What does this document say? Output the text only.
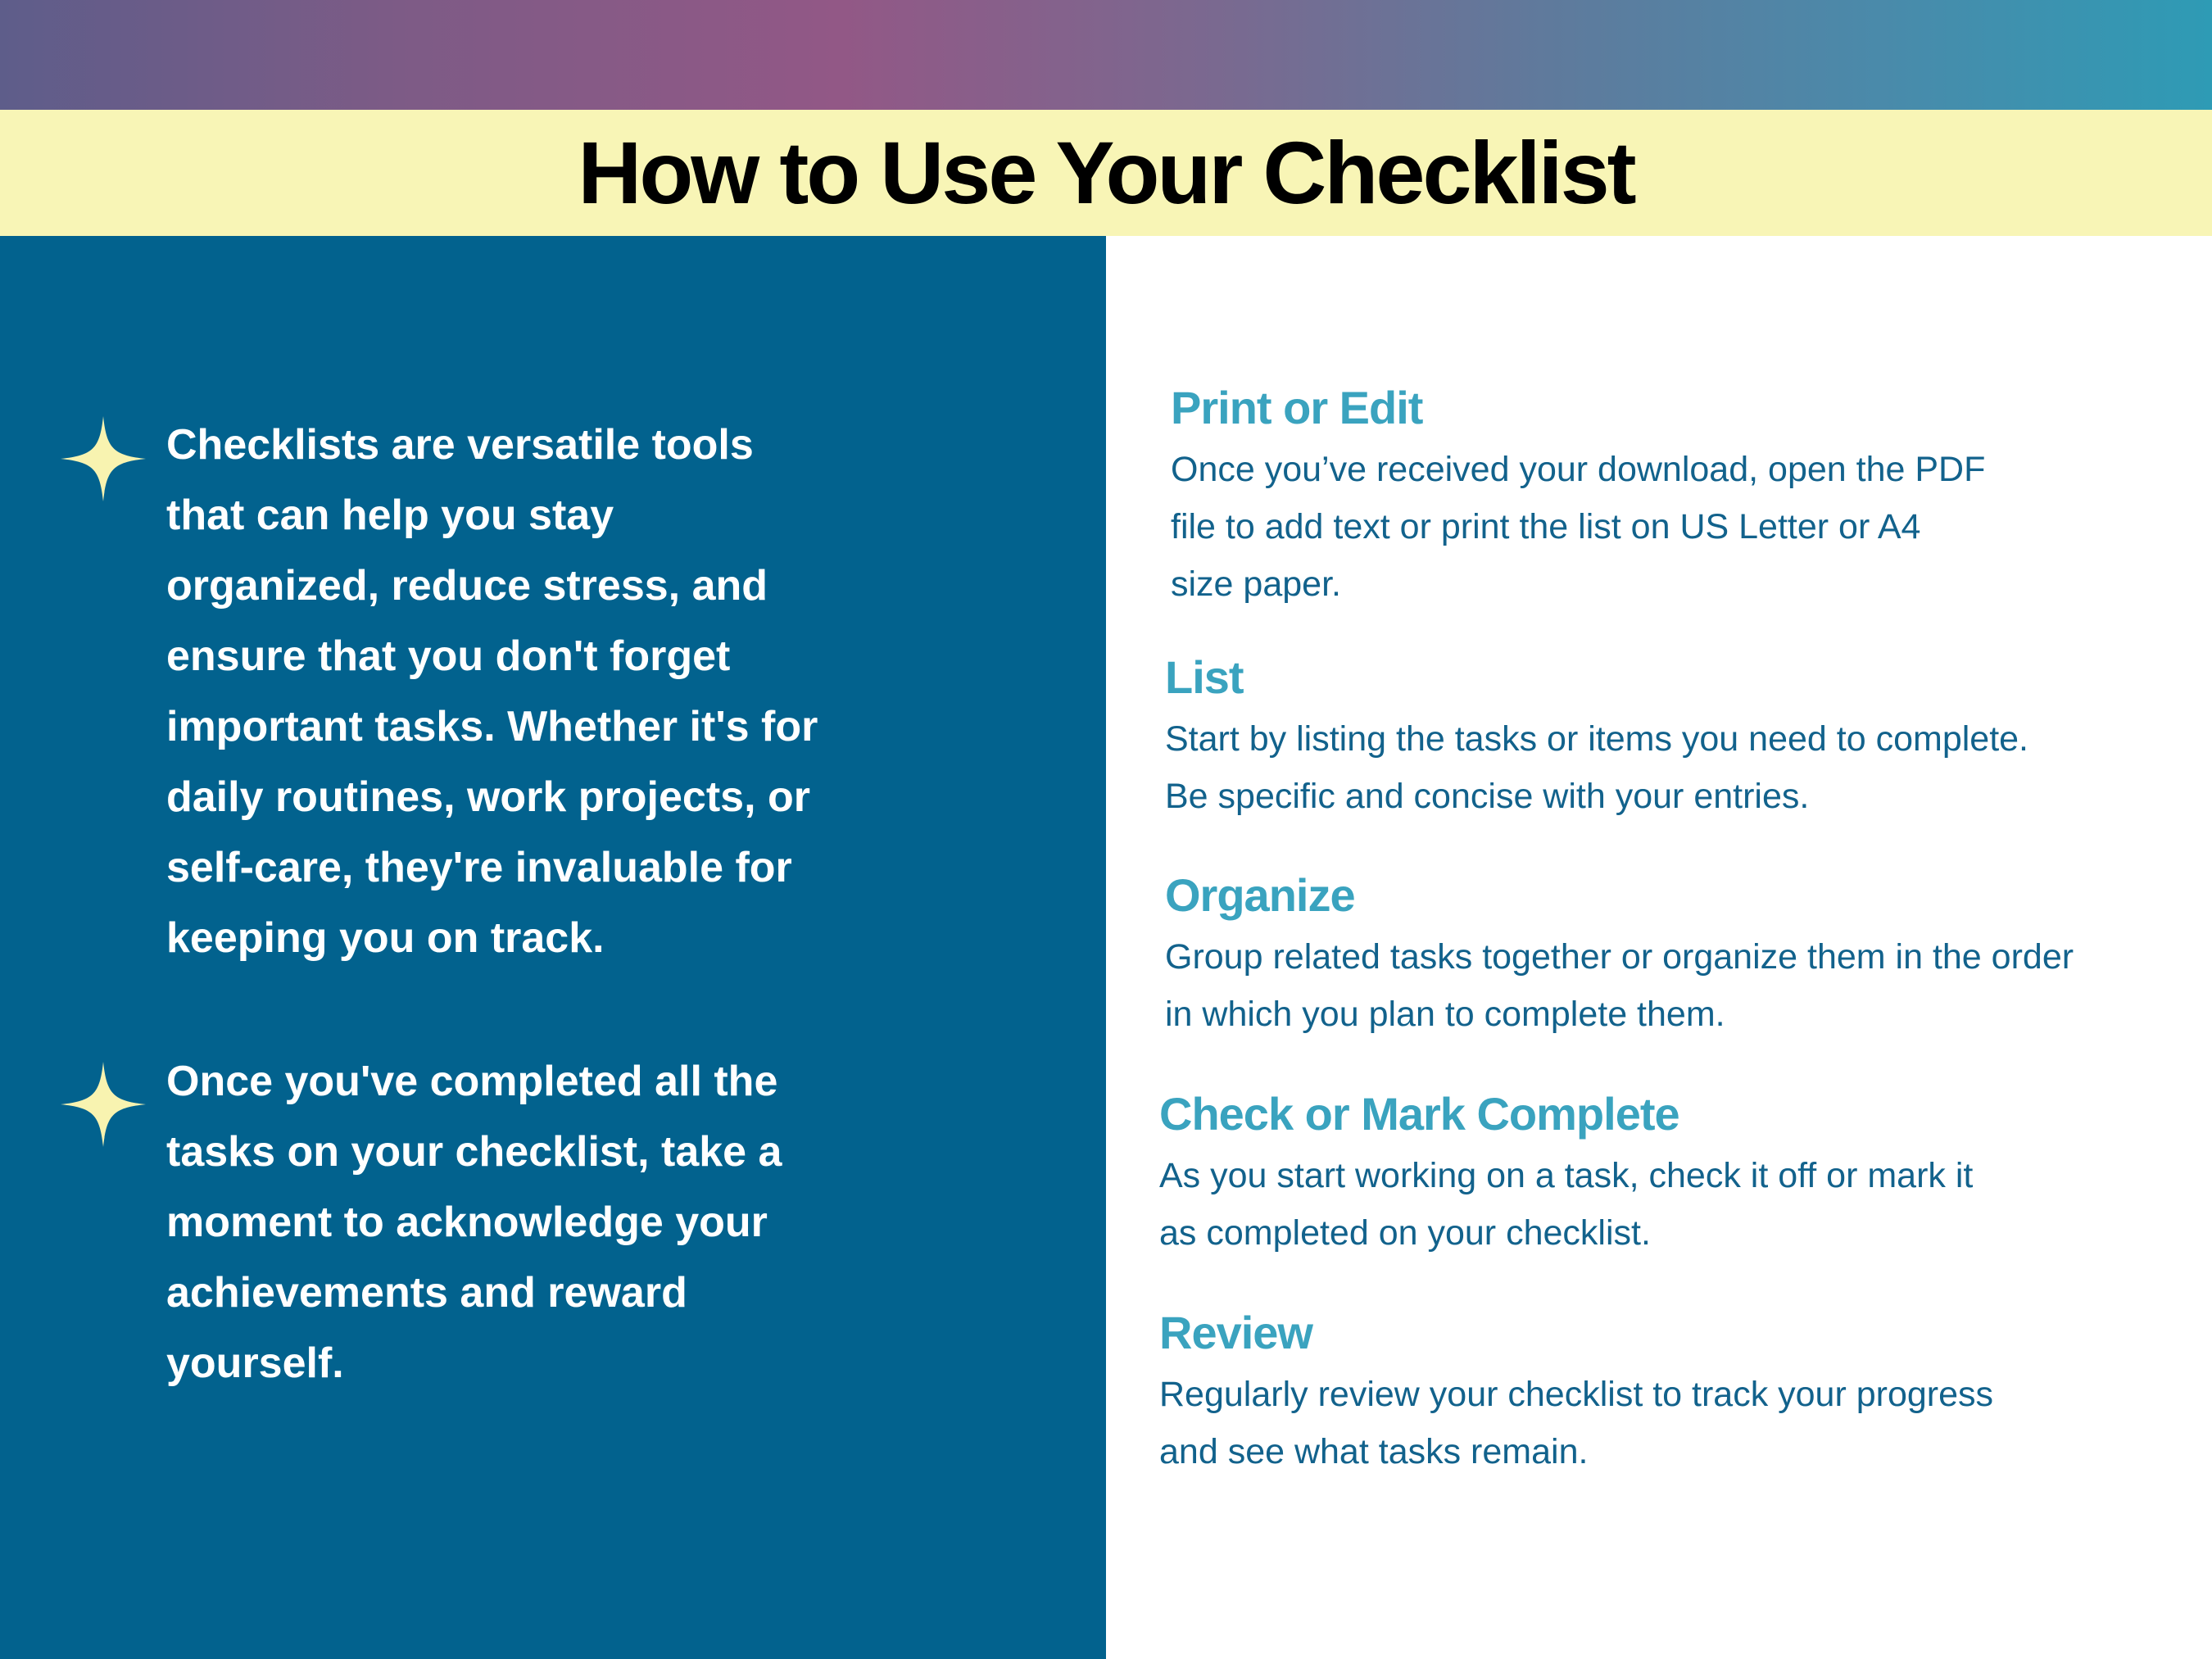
How to Use Your Checklist
Checklists are versatile tools
that can help you stay
organized, reduce stress, and
ensure that you don't forget
important tasks. Whether it's for
daily routines, work projects, or
self-care, they're invaluable for
keeping you on track.
Once you've completed all the
tasks on your checklist, take a
moment to acknowledge your
achievements and reward
yourself.
Print or Edit
Once you’ve received your download, open the PDF
file to add text or print the list on US Letter or A4
size paper.
List
Start by listing the tasks or items you need to complete.
Be specific and concise with your entries.
Organize
Group related tasks together or organize them in the order
in which you plan to complete them.
Check or Mark Complete
As you start working on a task, check it off or mark it
as completed on your checklist.
Review
Regularly review your checklist to track your progress
and see what tasks remain.
